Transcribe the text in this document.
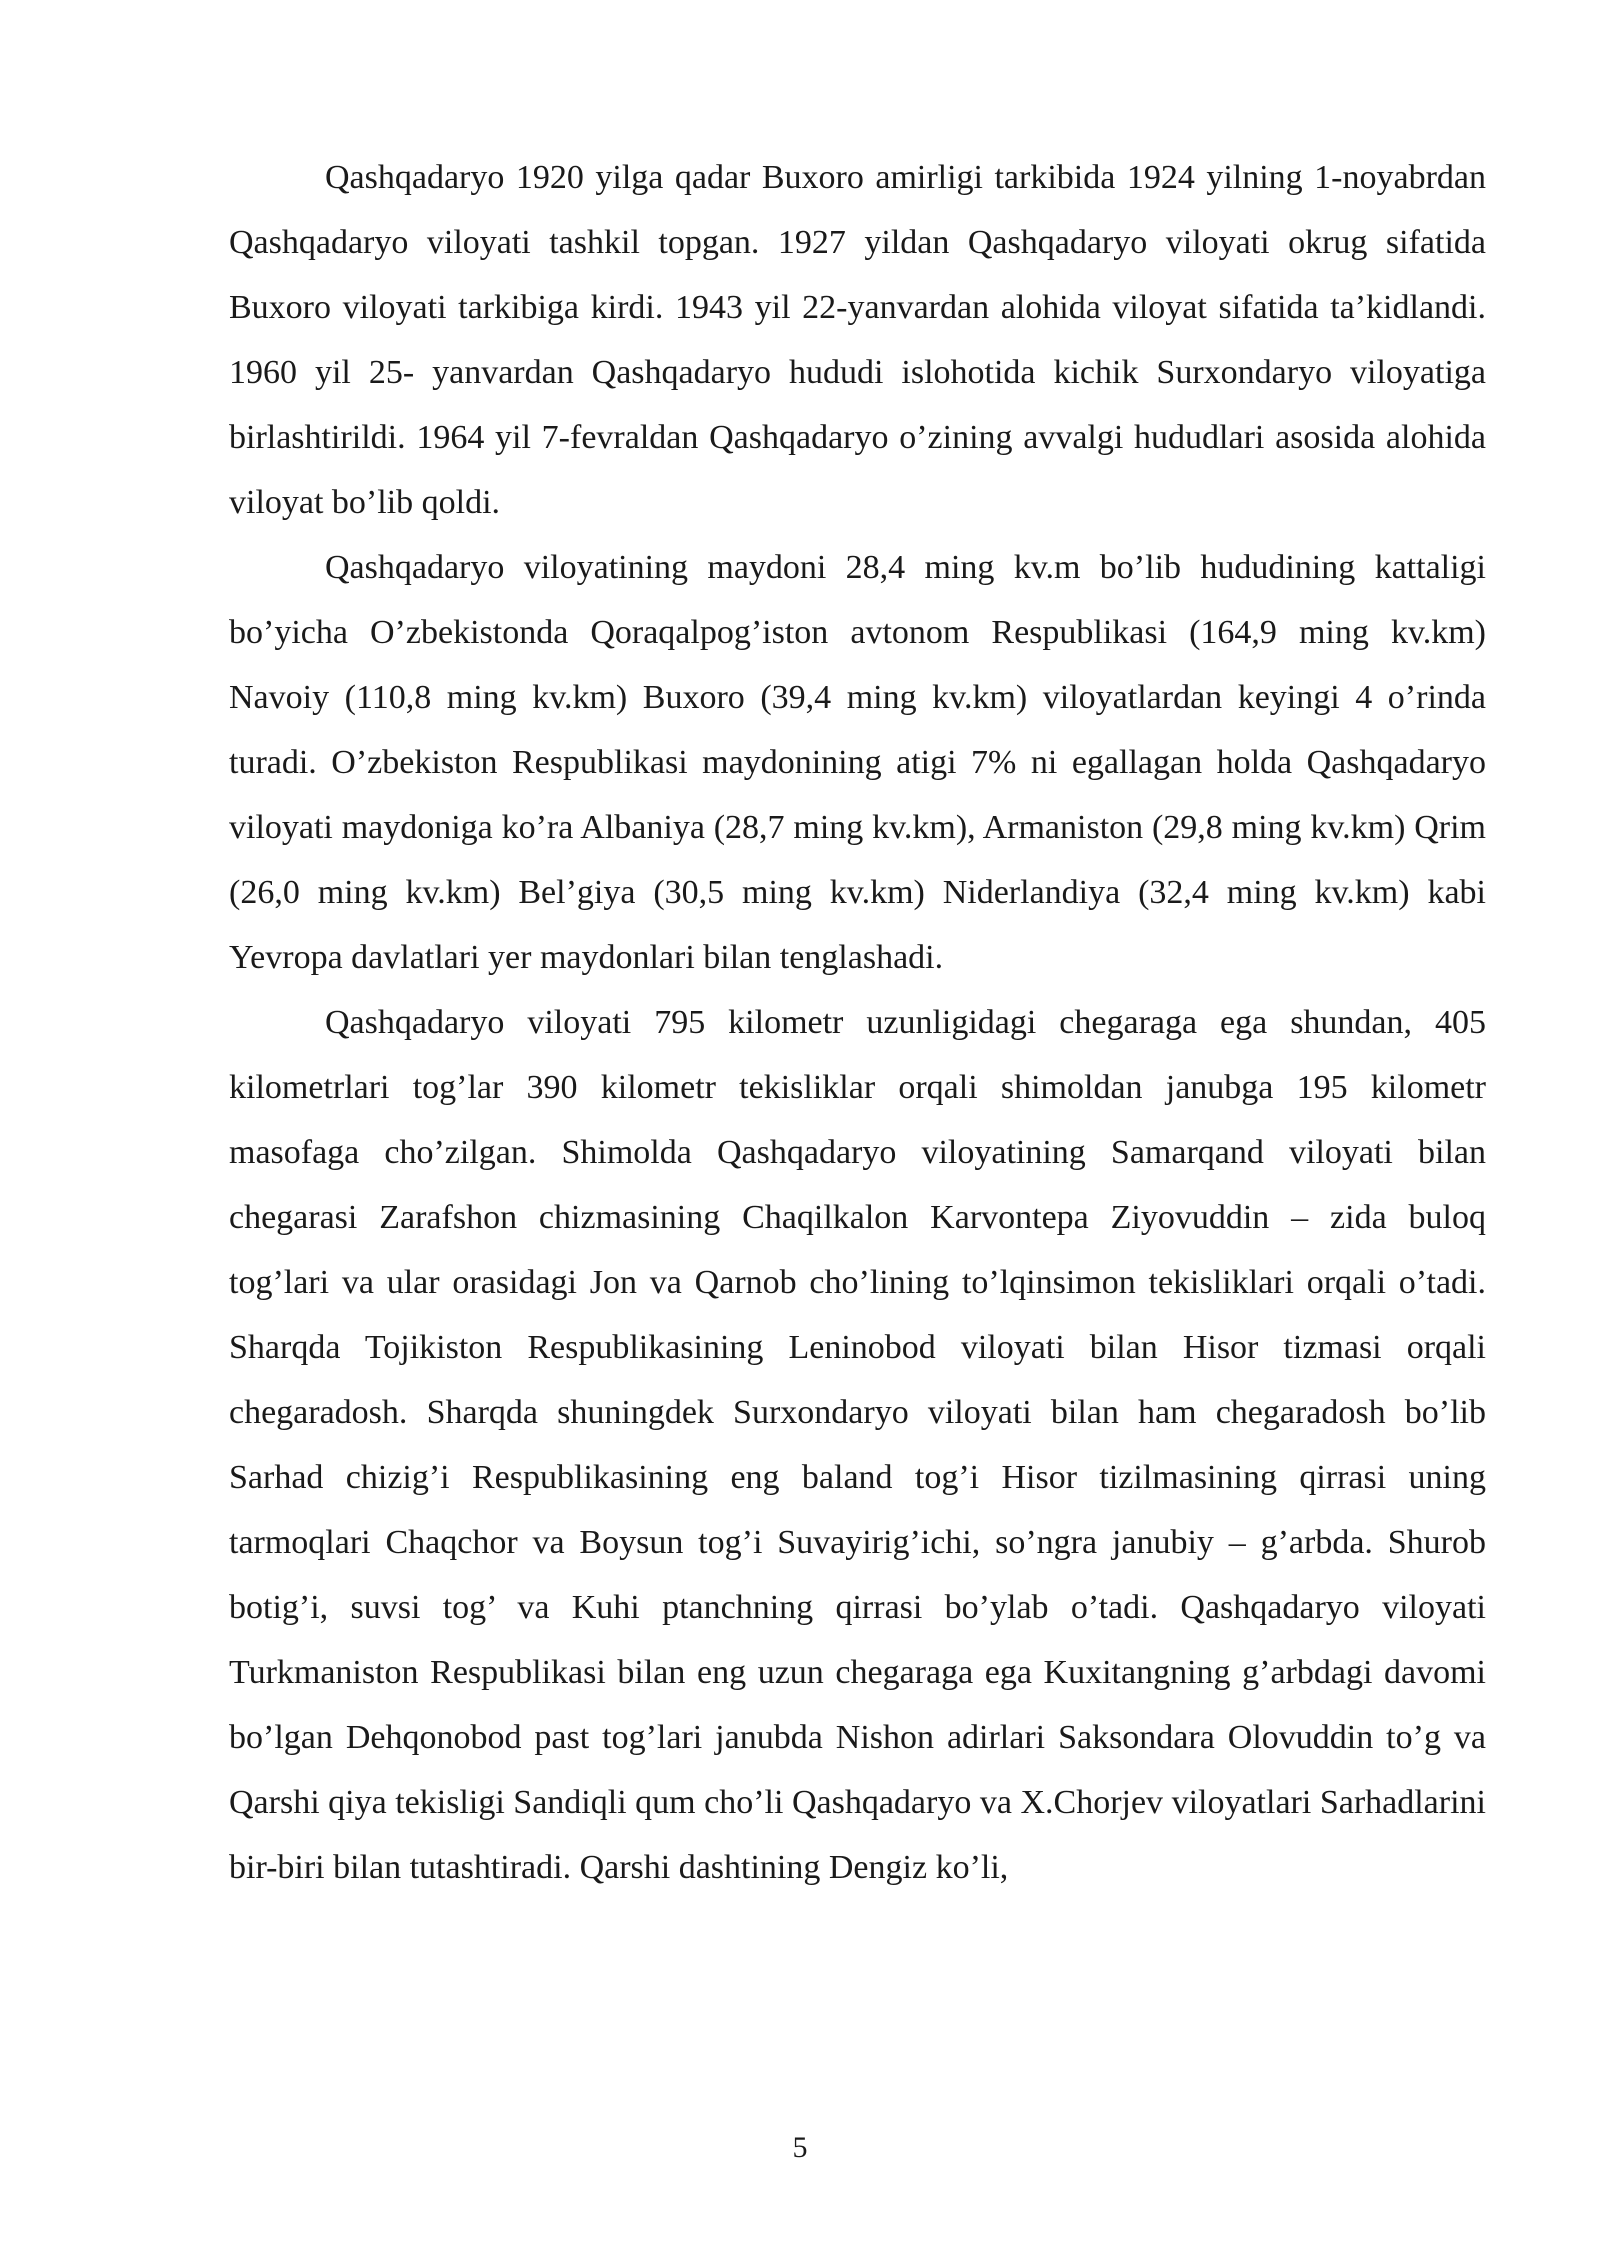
Qashqadaryo 1920 yilga qadar Buxoro amirligi tarkibida 1924 yilning 1-noyabrdan Qashqadaryo viloyati tashkil topgan. 1927 yildan Qashqadaryo viloyati okrug sifatida Buxoro viloyati tarkibiga kirdi. 1943 yil 22-yanvardan alohida viloyat sifatida ta’kidlandi. 1960 yil 25- yanvardan Qashqadaryo hududi islohotida kichik Surxondaryo viloyatiga birlashtirildi. 1964 yil 7-fevraldan Qashqadaryo o’zining avvalgi hududlari asosida alohida viloyat bo’lib qoldi.

Qashqadaryo viloyatining maydoni 28,4 ming kv.m bo’lib hududining kattaligi bo’yicha O’zbekistonda Qoraqalpog’iston avtonom Respublikasi (164,9 ming kv.km) Navoiy (110,8 ming kv.km) Buxoro (39,4 ming kv.km) viloyatlardan keyingi 4 o’rinda turadi. O’zbekiston Respublikasi maydonining atigi 7% ni egallagan holda Qashqadaryo viloyati maydoniga ko’ra Albaniya (28,7 ming kv.km), Armaniston (29,8 ming kv.km) Qrim (26,0 ming kv.km) Bel’giya (30,5 ming kv.km) Niderlandiya (32,4 ming kv.km) kabi Yevropa davlatlari yer maydonlari bilan tenglashadi.

Qashqadaryo viloyati 795 kilometr uzunligidagi chegaraga ega shundan, 405 kilometrlari tog’lar 390 kilometr tekisliklar orqali shimoldan janubga 195 kilometr masofaga cho’zilgan. Shimolda Qashqadaryo viloyatining Samarqand viloyati bilan chegarasi Zarafshon chizmasining Chaqilkalon Karvontepa Ziyovuddin – zida buloq tog’lari va ular orasidagi Jon va Qarnob cho’lining to’lqinsimon tekisliklari orqali o’tadi. Sharqda Tojikiston Respublikasining Leninobod viloyati bilan Hisor tizmasi orqali chegaradosh. Sharqda shuningdek Surxondaryo viloyati bilan ham chegaradosh bo’lib Sarhad chizig’i Respublikasining eng baland tog’i Hisor tizilmasining qirrasi uning tarmoqlari Chaqchor va Boysun tog’i Suvayirig’ichi, so’ngra janubiy – g’arbda. Shurob botig’i, suvsi tog’ va Kuhi ptanchning qirrasi bo’ylab o’tadi. Qashqadaryo viloyati Turkmaniston Respublikasi bilan eng uzun chegaraga ega Kuxitangning g’arbdagi davomi bo’lgan Dehqonobod past tog’lari janubda Nishon adirlari Saksondara Olovuddin to’g va Qarshi qiya tekisligi Sandiqli qum cho’li Qashqadaryo va X.Chorjev viloyatlari Sarhadlarini bir-biri bilan tutashtiradi. Qarshi dashtining Dengiz ko’li,

5
